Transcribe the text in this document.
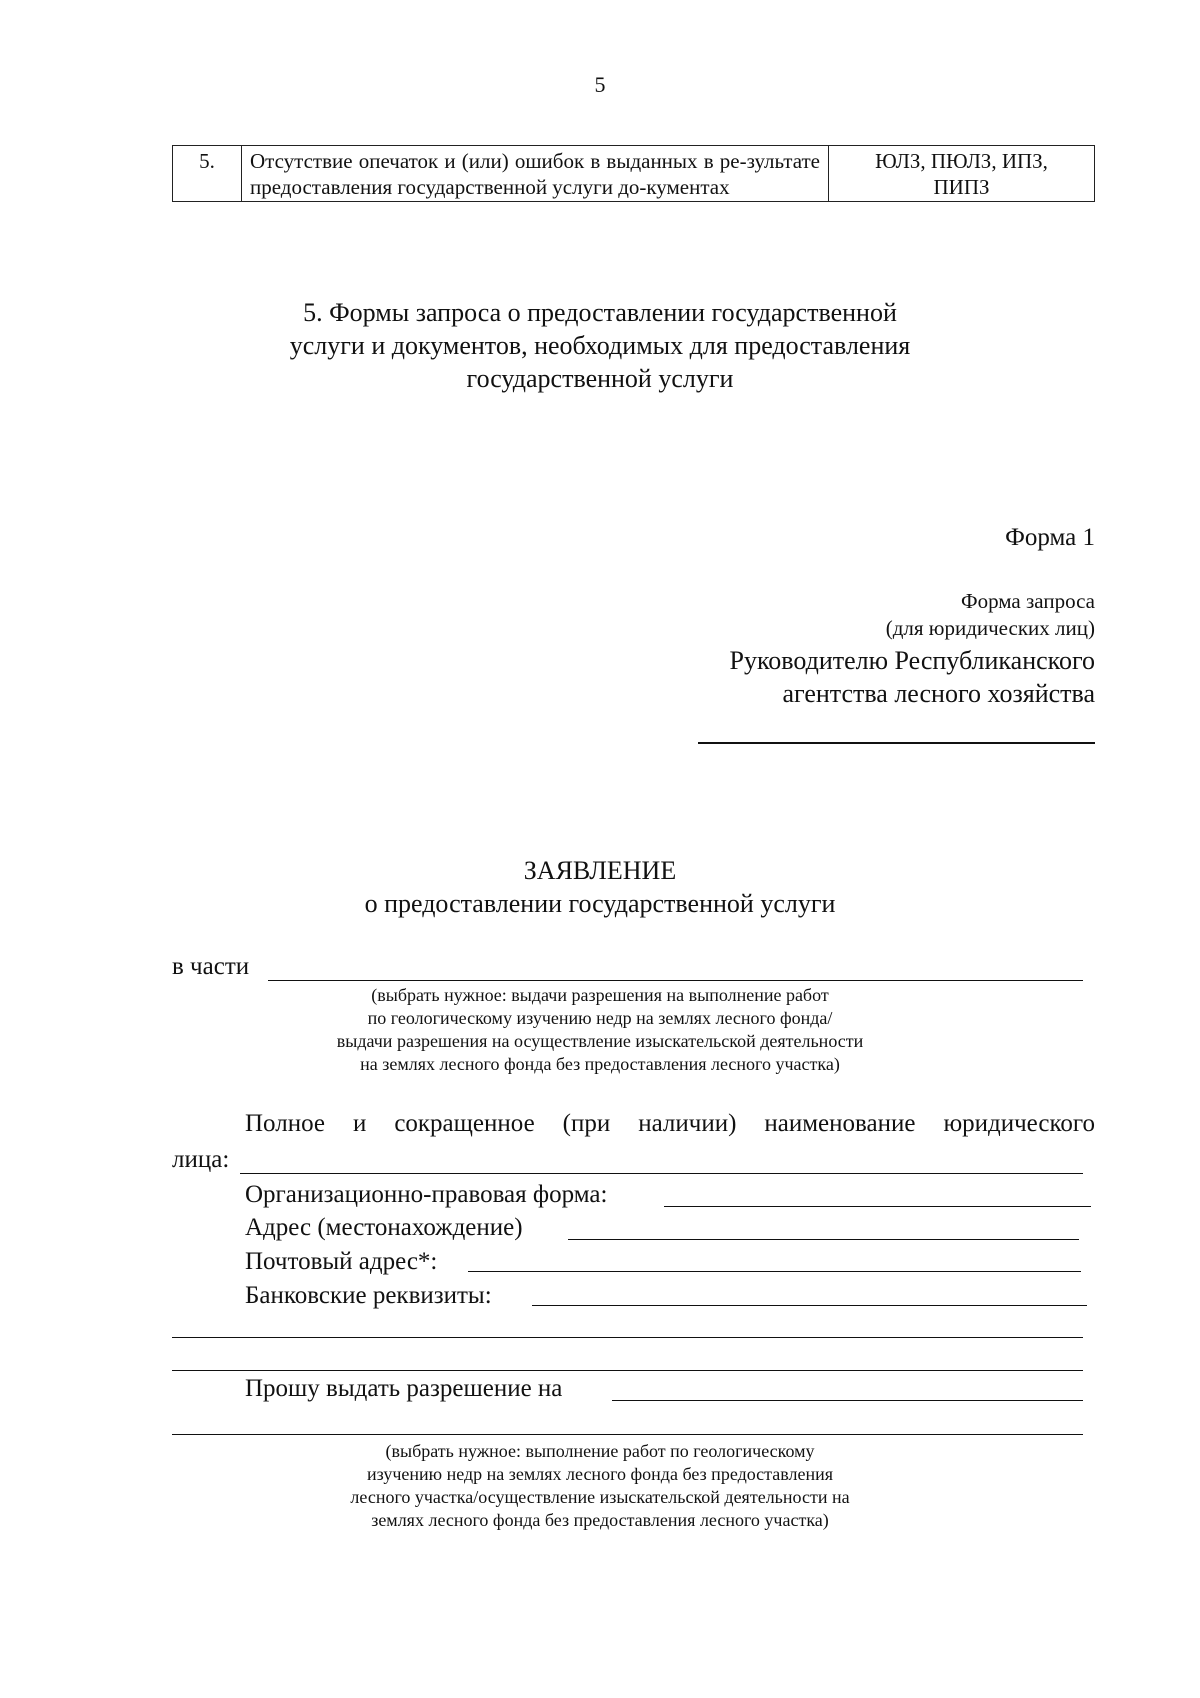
5
5.	Отсутствие опечаток и (или) ошибок в выданных в ре-зультате предоставления государственной услуги до-кументах	ЮЛЗ, ПЮЛЗ, ИПЗ,
ПИПЗ
5. Формы запроса о предоставлении государственной
услуги и документов, необходимых для предоставления
государственной услуги
Форма 1
Форма запроса
(для юридических лиц)
Руководителю Республиканского
агентства лесного хозяйства
ЗАЯВЛЕНИЕ
о предоставлении государственной услуги
в части
(выбрать нужное: выдачи разрешения на выполнение работ
по геологическому изучению недр на землях лесного фонда/
выдачи разрешения на осуществление изыскательской деятельности
на землях лесного фонда без предоставления лесного участка)
Полное и сокращенное (при наличии) наименование юридического
лица:
Организационно-правовая форма:
Адрес (местонахождение)
Почтовый адрес*:
Банковские реквизиты:
Прошу выдать разрешение на
(выбрать нужное: выполнение работ по геологическому
изучению недр на землях лесного фонда без предоставления
лесного участка/осуществление изыскательской деятельности на
землях лесного фонда без предоставления лесного участка)
